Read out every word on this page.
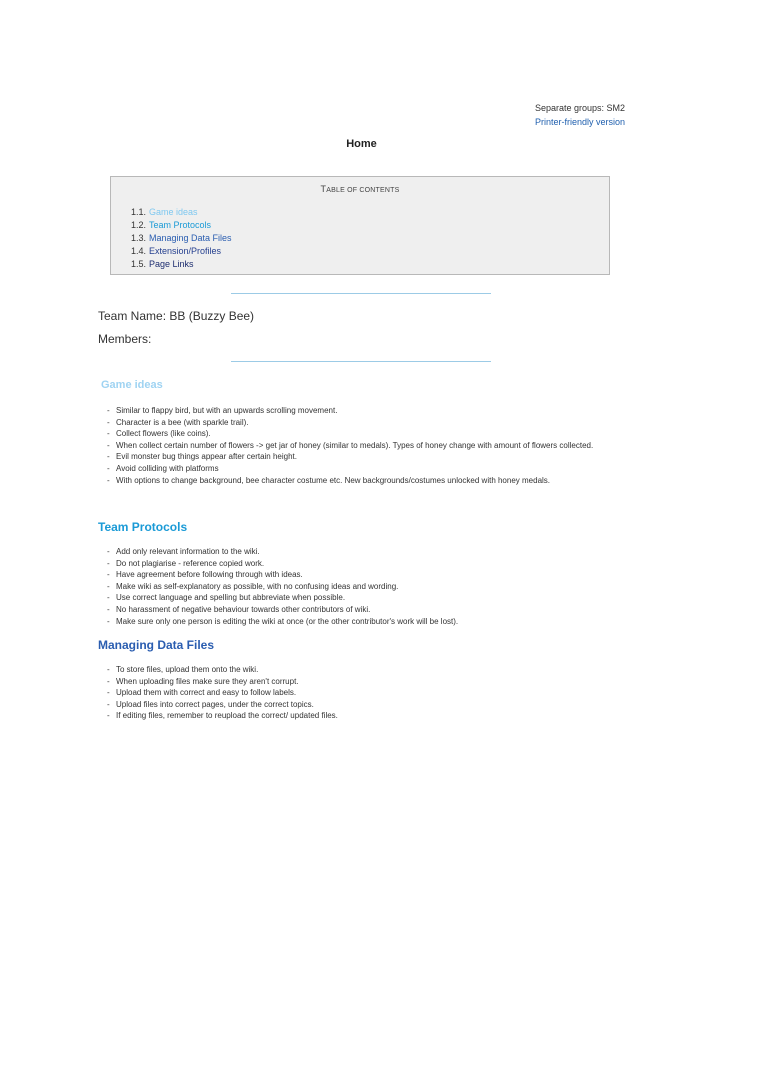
Separate groups: SM2
Printer-friendly version
Home
TABLE OF CONTENTS
1.1. Game ideas
1.2. Team Protocols
1.3. Managing Data Files
1.4. Extension/Profiles
1.5. Page Links
Team Name: BB (Buzzy Bee)
Members:
Game ideas
- Similar to flappy bird, but with an upwards scrolling movement.
- Character is a bee (with sparkle trail).
- Collect flowers (like coins).
- When collect certain number of flowers -> get jar of honey (similar to medals). Types of honey change with amount of flowers collected.
- Evil monster bug things appear after certain height.
- Avoid colliding with platforms
- With options to change background, bee character costume etc. New backgrounds/costumes unlocked with honey medals.
Team Protocols
- Add only relevant information to the wiki.
- Do not plagiarise - reference copied work.
- Have agreement before following through with ideas.
- Make wiki as self-explanatory as possible, with no confusing ideas and wording.
- Use correct language and spelling but abbreviate when possible.
- No harassment of negative behaviour towards other contributors of wiki.
- Make sure only one person is editing the wiki at once (or the other contributor's work will be lost).
Managing Data Files
- To store files, upload them onto the wiki.
- When uploading files make sure they aren't corrupt.
- Upload them with correct and easy to follow labels.
- Upload files into correct pages, under the correct topics.
- If editing files, remember to reupload the correct/ updated files.
